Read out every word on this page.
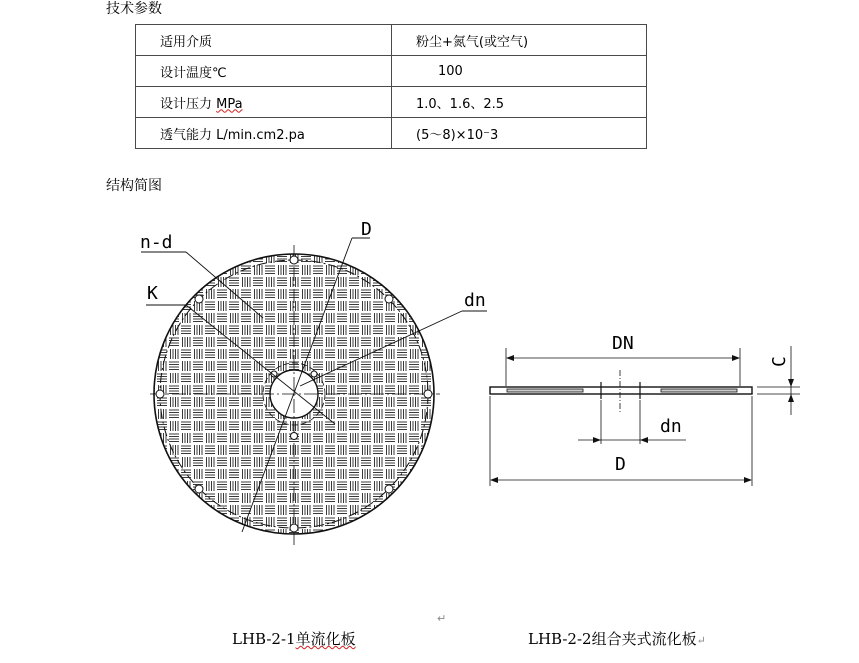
技术参数
适用介质	粉尘+氮气(或空气)
设计温度℃	100
设计压力 MPa	1.0、1.6、2.5
透气能力 L/min.cm2.pa	(5～8)×10⁻3
结构简图
n-d
D
K	dn
DN
C
dn
D
↵
LHB-2-1单流化板	LHB-2-2组合夹式流化板↵
